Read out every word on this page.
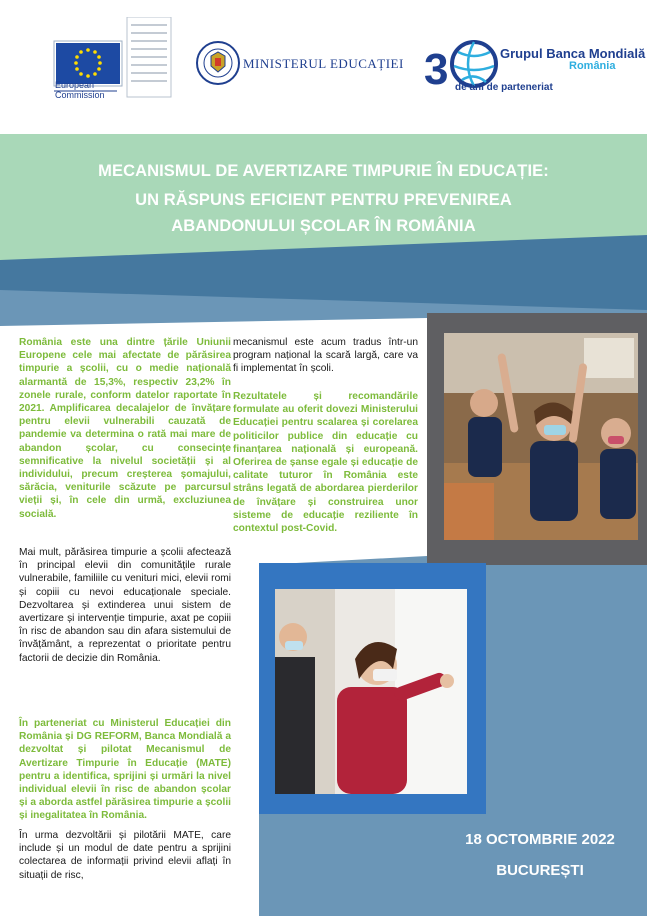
European
Commission
MINISTERUL EDUCAȚIEI 3	Grupul Banca Mondială
România
de ani de parteneriat
MECANISMUL DE AVERTIZARE TIMPURIE ÎN EDUCAȚIE:
UN RĂSPUNS EFICIENT PENTRU PREVENIREA
ABANDONULUI ȘCOLAR ÎN ROMÂNIA

România este una dintre țările Uniunii Europene cele mai afectate de părăsirea timpurie a școlii, cu o medie națională alarmantă de 15,3%, respectiv 23,2% în zonele rurale, conform datelor raportate în 2021. Amplificarea decalajelor de învățare pentru elevii vulnerabili cauzată de pandemie va determina o rată mai mare de abandon școlar, cu consecințe semnificative la nivelul societății și al individului, precum creșterea șomajului, sărăcia, veniturile scăzute pe parcursul vieții și, în cele din urmă, excluziunea socială.

Mai mult, părăsirea timpurie a școlii afectează în principal elevii din comunitățile rurale vulnerabile, familiile cu venituri mici, elevii romi și copiii cu nevoi educaționale speciale. Dezvoltarea și extinderea unui sistem de avertizare și intervenție timpurie, axat pe copiii în risc de abandon sau din afara sistemului de învățământ, a reprezentat o prioritate pentru factorii de decizie din România.

În parteneriat cu Ministerul Educației din România și DG REFORM, Banca Mondială a dezvoltat și pilotat Mecanismul de Avertizare Timpurie în Educație (MATE) pentru a identifica, sprijini și urmări la nivel individual elevii în risc de abandon școlar și a aborda astfel părăsirea timpurie a școlii și inegalitatea în România.

În urma dezvoltării și pilotării MATE, care include și un modul de date pentru a sprijini colectarea de informații privind elevii aflați în situații de risc,

mecanismul este acum tradus într-un program național la scară largă, care va fi implementat în școli.

Rezultatele și recomandările formulate au oferit dovezi Ministerului Educației pentru scalarea și corelarea politicilor publice din educație cu finanțarea națională și europeană. Oferirea de șanse egale și educație de calitate tuturor în România este strâns legată de abordarea pierderilor de învățare și construirea unor sisteme de educație reziliente în contextul post-Covid.

18 OCTOMBRIE 2022
BUCUREȘTI
